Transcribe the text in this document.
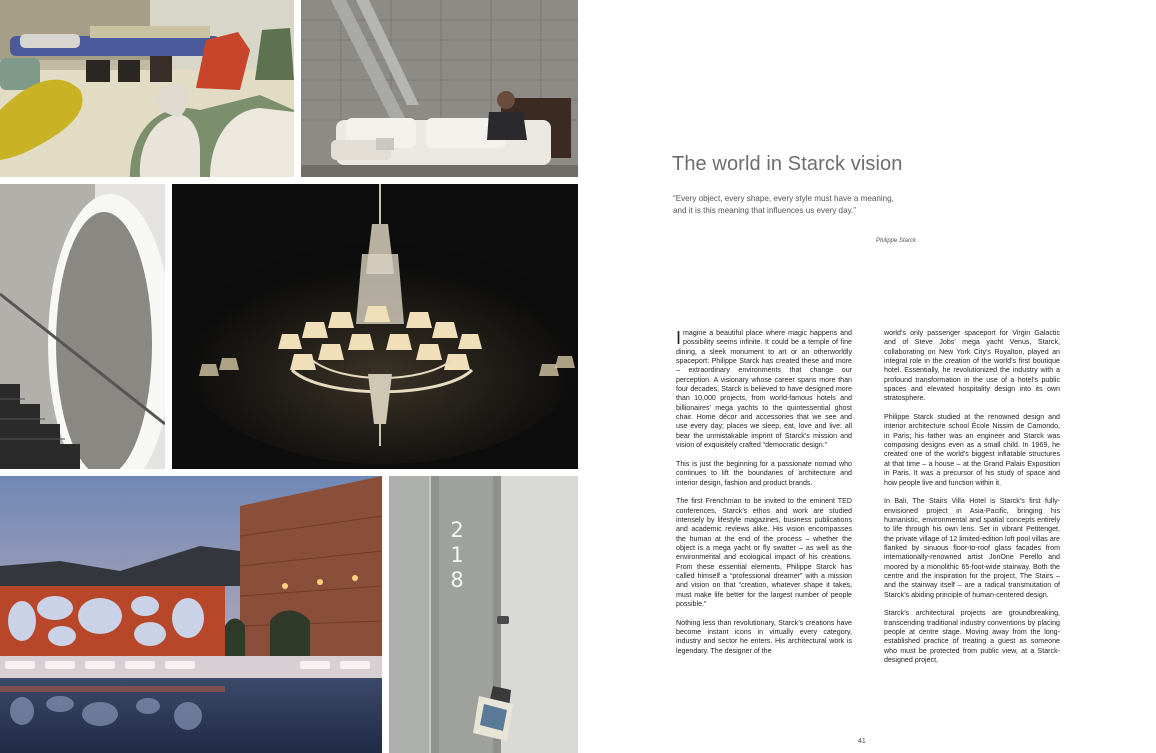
2
1
8
The world in Starck vision
“Every object, every shape, every style must have a meaning,
and it is this meaning that influences us every day.”

Philippe Starck

Imagine a beautiful place where magic happens and possibility seems infinite. It could be a temple of fine dining, a sleek monument to art or an otherworldly spaceport: Philippe Starck has created these and more – extraordinary environments that change our perception. A visionary whose career spans more than four decades, Starck is believed to have designed more than 10,000 projects, from world-famous hotels and billionaires’ mega yachts to the quintessential ghost chair. Home décor and accessories that we see and use every day; places we sleep, eat, love and live: all bear the unmistakable imprint of Starck’s mission and vision of exquisitely crafted “democratic design.”

This is just the beginning for a passionate nomad who continues to lift the boundaries of architecture and interior design, fashion and product brands.

The first Frenchman to be invited to the eminent TED conferences, Starck’s ethos and work are studied intensely by lifestyle magazines, business publications and academic reviews alike. His vision encompasses the human at the end of the process – whether the object is a mega yacht or fly swatter – as well as the environmental and ecological impact of his creations. From these essential elements, Philippe Starck has called himself a “professional dreamer” with a mission and vision on that “creation, whatever shape it takes, must make life better for the largest number of people possible.”

Nothing less than revolutionary, Starck’s creations have become instant icons in virtually every category, industry and sector he enters. His architectural work is legendary. The designer of the

world’s only passenger spaceport for Virgin Galactic and of Steve Jobs’ mega yacht Venus, Starck, collaborating on New York City’s Royalton, played an integral role in the creation of the world’s first boutique hotel. Essentially, he revolutionized the industry with a profound transformation in the use of a hotel’s public spaces and elevated hospitality design into its own stratosphere.

Philippe Starck studied at the renowned design and interior architecture school École Nissim de Camondo, in Paris; his father was an engineer and Starck was composing designs even as a small child. In 1969, he created one of the world’s biggest inflatable structures at that time – a house – at the Grand Palais Exposition in Paris. It was a precursor of his study of space and how people live and function within it.

In Bali, The Stairs Villa Hotel is Starck’s first fully-envisioned project in Asia-Pacific, bringing his humanistic, environmental and spatial concepts entirely to life through his own lens. Set in vibrant Petitenget, the private village of 12 limited-edition loft pool villas are flanked by sinuous floor-to-roof glass facades from internationally-renowned artist JonOne Perello and moored by a monolithic 65-foot-wide stairway. Both the centre and the inspiration for the project, The Stairs – and the stairway itself – are a radical transmutation of Starck’s abiding principle of human-centered design.

Starck’s architectural projects are groundbreaking, transcending traditional industry conventions by placing people at centre stage. Moving away from the long-established practice of treating a guest as someone who must be protected from public view, at a Starck-designed project,

41
